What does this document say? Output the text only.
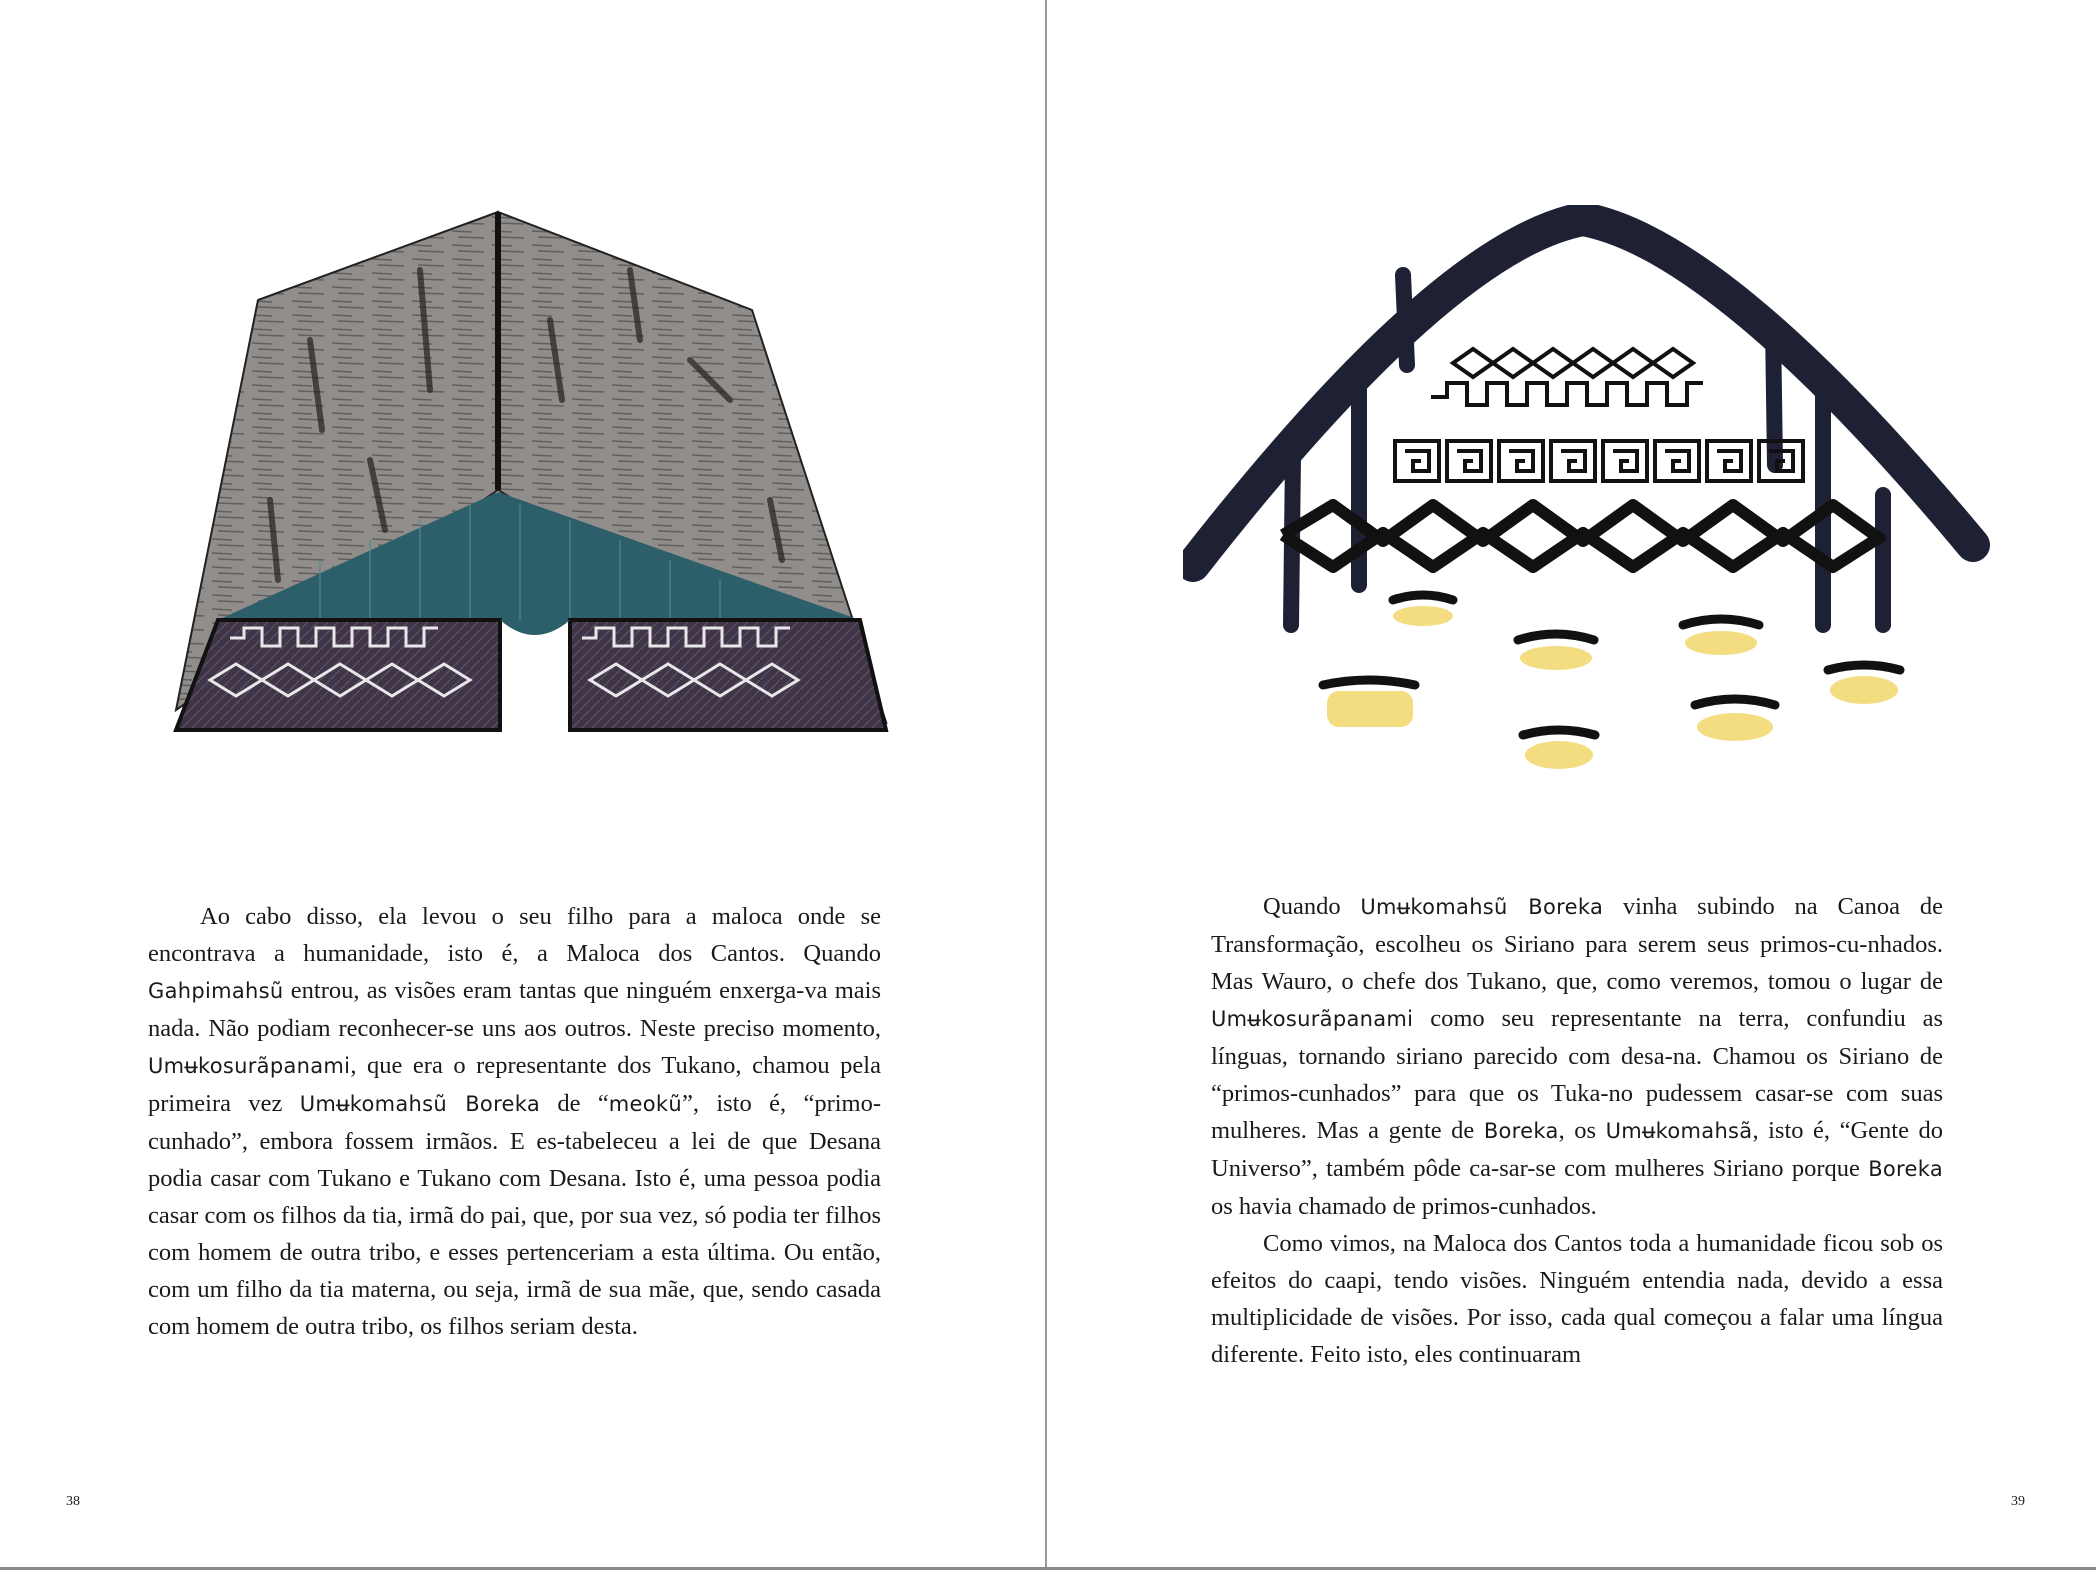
Ao cabo disso, ela levou o seu filho para a maloca onde se encontrava a humanidade, isto é, a Maloca dos Cantos. Quando Gahpimahsũ entrou, as visões eram tantas que ninguém enxerga-va mais nada. Não podiam reconhecer-se uns aos outros. Neste preciso momento, Umʉkosurãpanami, que era o representante dos Tukano, chamou pela primeira vez Umʉkomahsũ Boreka de “meokũ”, isto é, “primo-cunhado”, embora fossem irmãos. E es-tabeleceu a lei de que Desana podia casar com Tukano e Tukano com Desana. Isto é, uma pessoa podia casar com os filhos da tia, irmã do pai, que, por sua vez, só podia ter filhos com homem de outra tribo, e esses pertenceriam a esta última. Ou então, com um filho da tia materna, ou seja, irmã de sua mãe, que, sendo casada com homem de outra tribo, os filhos seriam desta.

38

Quando Umʉkomahsũ Boreka vinha subindo na Canoa de Transformação, escolheu os Siriano para serem seus primos-cu-nhados. Mas Wauro, o chefe dos Tukano, que, como veremos, tomou o lugar de Umʉkosurãpanami como seu representante na terra, confundiu as línguas, tornando siriano parecido com desa-na. Chamou os Siriano de “primos-cunhados” para que os Tuka-no pudessem casar-se com suas mulheres. Mas a gente de Boreka, os Umʉkomahsã, isto é, “Gente do Universo”, também pôde ca-sar-se com mulheres Siriano porque Boreka os havia chamado de primos-cunhados.

Como vimos, na Maloca dos Cantos toda a humanidade ficou sob os efeitos do caapi, tendo visões. Ninguém entendia nada, devido a essa multiplicidade de visões. Por isso, cada qual começou a falar uma língua diferente. Feito isto, eles continuaram

39
